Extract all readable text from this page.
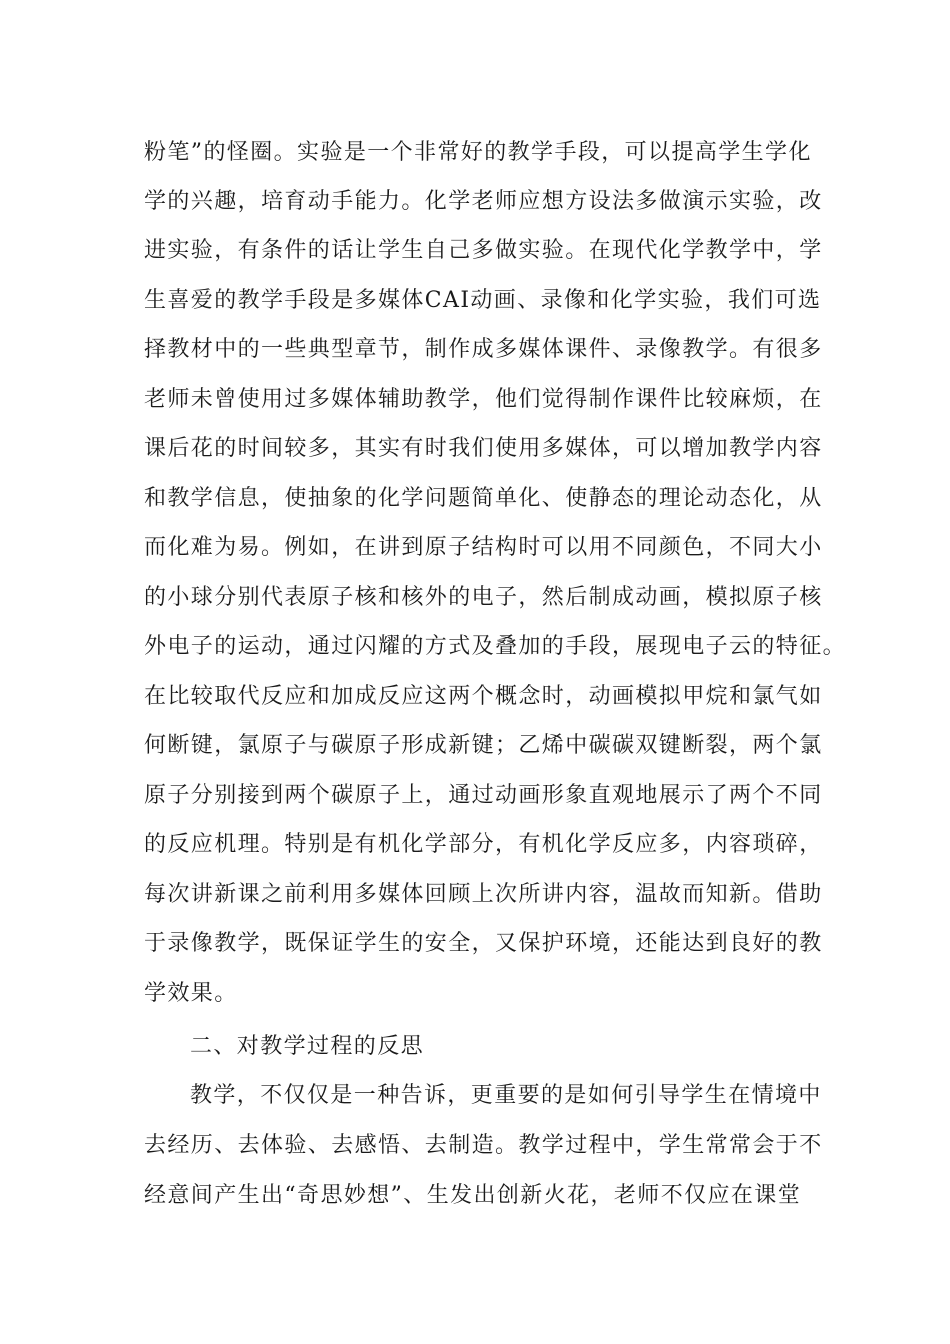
粉笔”的怪圈。实验是一个非常好的教学手段，可以提高学生学化
学的兴趣，培育动手能力。化学老师应想方设法多做演示实验，改
进实验，有条件的话让学生自己多做实验。在现代化学教学中，学
生喜爱的教学手段是多媒体CAI动画、录像和化学实验，我们可选
择教材中的一些典型章节，制作成多媒体课件、录像教学。有很多
老师未曾使用过多媒体辅助教学，他们觉得制作课件比较麻烦，在
课后花的时间较多，其实有时我们使用多媒体，可以增加教学内容
和教学信息，使抽象的化学问题简单化、使静态的理论动态化，从
而化难为易。例如，在讲到原子结构时可以用不同颜色，不同大小
的小球分别代表原子核和核外的电子，然后制成动画，模拟原子核
外电子的运动，通过闪耀的方式及叠加的手段，展现电子云的特征。
在比较取代反应和加成反应这两个概念时，动画模拟甲烷和氯气如
何断键，氯原子与碳原子形成新键；乙烯中碳碳双键断裂，两个氯
原子分别接到两个碳原子上，通过动画形象直观地展示了两个不同
的反应机理。特别是有机化学部分，有机化学反应多，内容琐碎，
每次讲新课之前利用多媒体回顾上次所讲内容，温故而知新。借助
于录像教学，既保证学生的安全，又保护环境，还能达到良好的教
学效果。
二、对教学过程的反思
教学，不仅仅是一种告诉，更重要的是如何引导学生在情境中
去经历、去体验、去感悟、去制造。教学过程中，学生常常会于不
经意间产生出“奇思妙想”、生发出创新火花，老师不仅应在课堂
